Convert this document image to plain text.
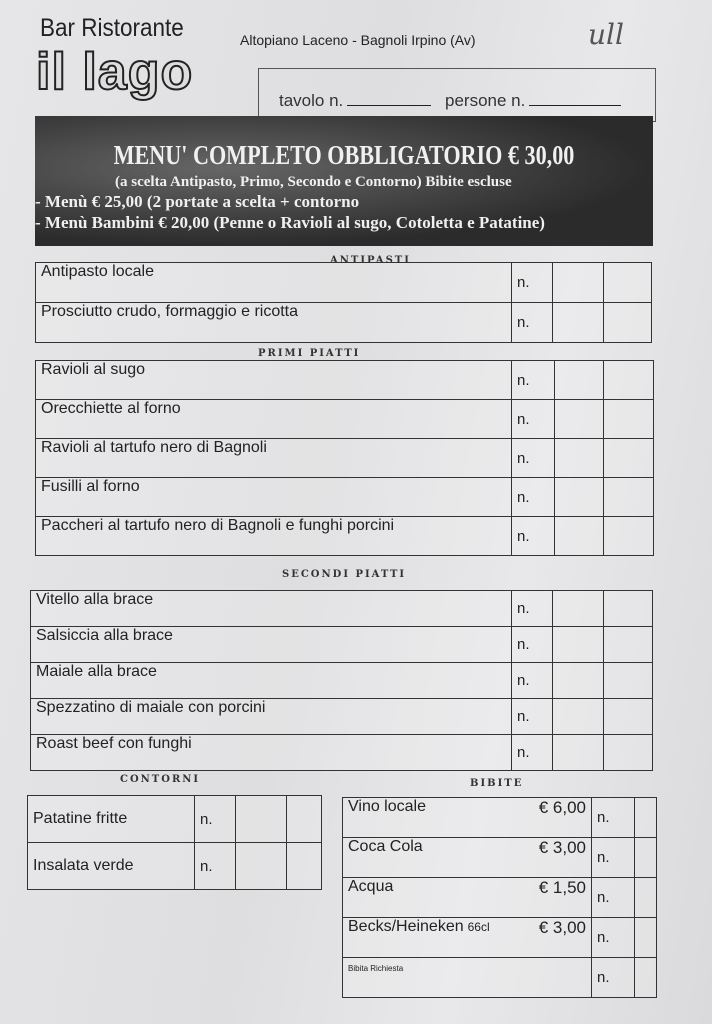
Bar Ristorante
il lago
Altopiano Laceno - Bagnoli Irpino (Av)	ull
tavolo n.	persone n.
MENU' COMPLETO OBBLIGATORIO € 30,00
(a scelta Antipasto, Primo, Secondo e Contorno) Bibite escluse
- Menù € 25,00 (2 portate a scelta + contorno
- Menù Bambini € 20,00 (Penne o Ravioli al sugo, Cotoletta e Patatine)
ANTIPASTI
Antipasto locale	n.		
Prosciutto crudo, formaggio e ricotta	n.		
PRIMI PIATTI
Ravioli al sugo	n.		
Orecchiette al forno	n.		
Ravioli al tartufo nero di Bagnoli	n.		
Fusilli al forno	n.		
Paccheri al tartufo nero di Bagnoli e funghi porcini	n.		
SECONDI PIATTI
Vitello alla brace	n.		
Salsiccia alla brace	n.		
Maiale alla brace	n.		
Spezzatino di maiale con porcini	n.		
Roast beef con funghi	n.		
CONTORNI
Patatine fritte	n.		
Insalata verde	n.		
BIBITE
Vino locale € 6,00	n.	
Coca Cola € 3,00	n.	
Acqua € 1,50	n.	
Becks/Heineken 66cl € 3,00	n.	
Bibita Richiesta	n.	
